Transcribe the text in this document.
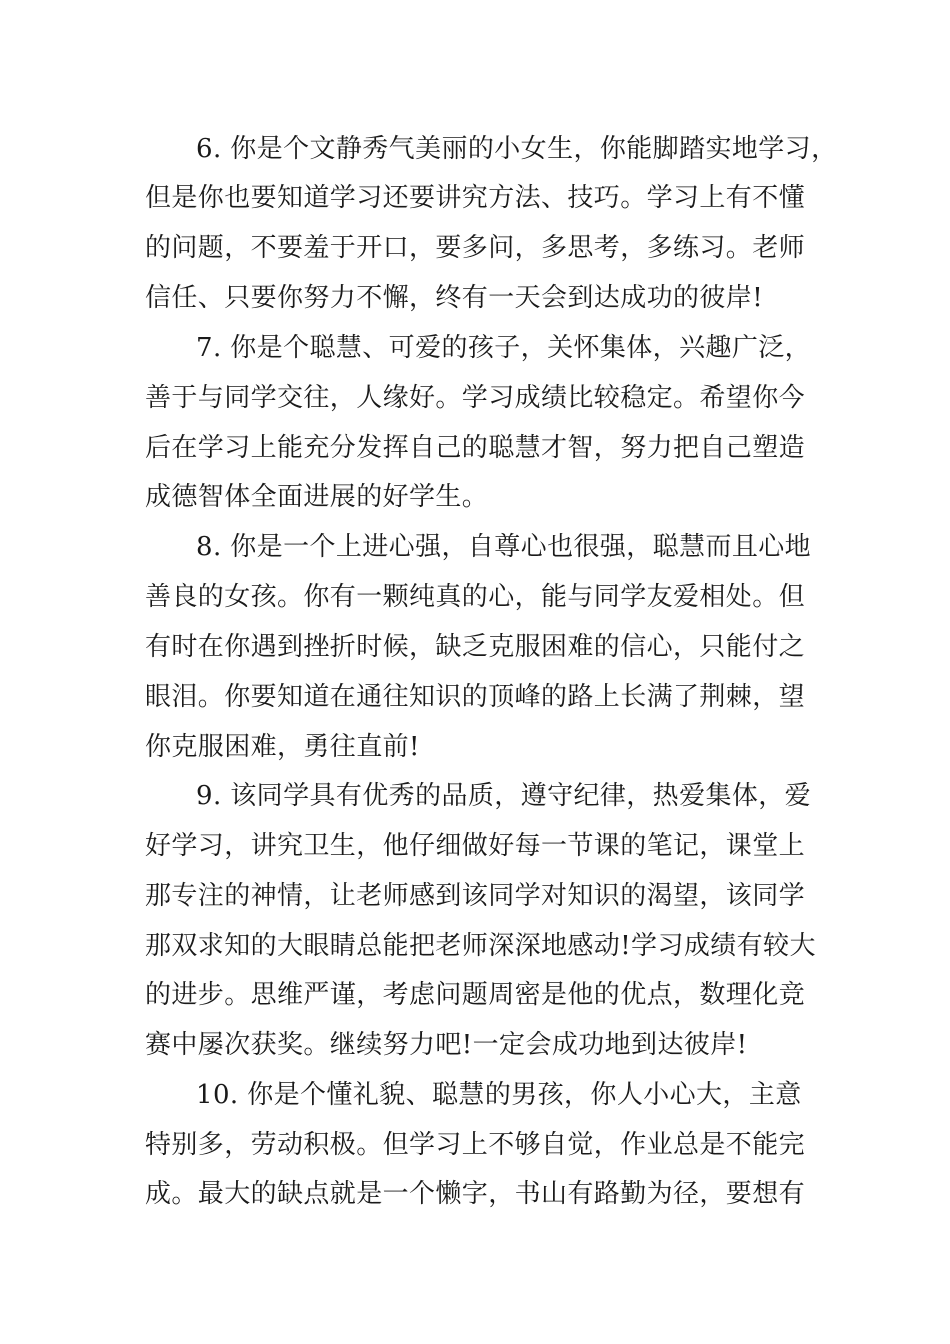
6. 你是个文静秀气美丽的小女生，你能脚踏实地学习，
但是你也要知道学习还要讲究方法、技巧。学习上有不懂
的问题，不要羞于开口，要多问，多思考，多练习。老师
信任、只要你努力不懈，终有一天会到达成功的彼岸!
7. 你是个聪慧、可爱的孩子，关怀集体，兴趣广泛，
善于与同学交往，人缘好。学习成绩比较稳定。希望你今
后在学习上能充分发挥自己的聪慧才智，努力把自己塑造
成德智体全面进展的好学生。
8. 你是一个上进心强，自尊心也很强，聪慧而且心地
善良的女孩。你有一颗纯真的心，能与同学友爱相处。但
有时在你遇到挫折时候，缺乏克服困难的信心，只能付之
眼泪。你要知道在通往知识的顶峰的路上长满了荆棘，望
你克服困难，勇往直前!
9. 该同学具有优秀的品质，遵守纪律，热爱集体，爱
好学习，讲究卫生，他仔细做好每一节课的笔记，课堂上
那专注的神情，让老师感到该同学对知识的渴望，该同学
那双求知的大眼睛总能把老师深深地感动!学习成绩有较大
的进步。思维严谨，考虑问题周密是他的优点，数理化竞
赛中屡次获奖。继续努力吧!一定会成功地到达彼岸!
10. 你是个懂礼貌、聪慧的男孩，你人小心大，主意
特别多，劳动积极。但学习上不够自觉，作业总是不能完
成。最大的缺点就是一个懒字，书山有路勤为径，要想有
